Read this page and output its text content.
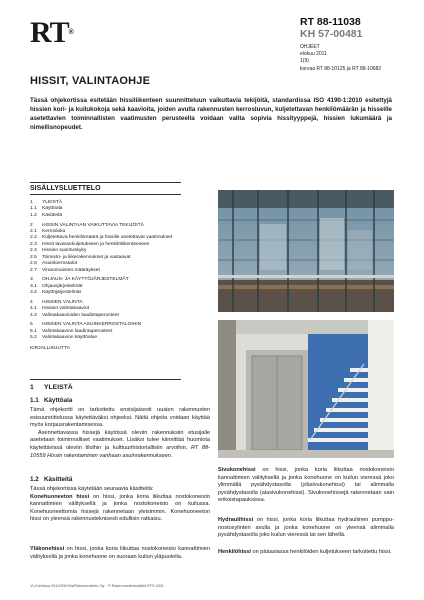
RT®
RT 88-11038
KH 57-00481
OHJEET
elokuu 2011
1(9)
korvaa RT 88-10125 ja RT 88-10682
HISSIT, VALINTAOHJE
Tässä ohjekortissa esitetään hissiliikenteen suunnitteluun vaikuttavia tekijöitä, standardissa ISO 4190-1:2010 esitettyjä hissien kori- ja kuilukokoja sekä kaavioita, joiden avulla rakennusten kerrosluvun, kuljetettavan henkilömäärän ja hisseille asetettavien toiminnallisten vaatimusten perusteella voidaan valita sopivia hissityyppejä, hissien lukumäärä ja nimellisnopeudet.
SISÄLLYSLUETTELO
1	YLEISTÄ
1.1	Käyttöala
1.2	Käsitteitä
2	HISSIN VALINTAAN VAIKUTTAVIA TEKIJÖITÄ
2.1	Kerrosluku
2.2	Kuljetettava henkilömäärä ja hissille asetettavat vaatimukset
2.3	Hissit tavarankuljetukseen ja henkilöliikenteeseen
2.4	Hissien suorituskyky
2.5	Toimisto- ja liikerakennukset ja vastaavat
2.6	Asuinkerrostalot
2.7	Viranomaisten määräykset
3	OHJAUS- JA KÄYTTÖJÄRJESTELMÄT
3.1	Ohjausjärjestelmät
3.2	Käyttöjärjestelmät
4	HISSIEN VALINTA
4.1	Hissien valintakaaviot
4.2	Valintakaavioiden laadintaperusteet
5	HISSIEN VALINTA ASUINKERROSTALOIHIN
5.1	Valintakaavion laadintaperusteet
5.2	Valintakaavion käyttöalue
KIRJALLISUUTTA
1 YLEISTÄ
1.1 Käyttöala
Tämä ohjekortti on tarkoitettu ensisijaisesti uusien rakennusten esisuunnittelussa käytettäväksi ohjeeksi. Näitä ohjeita voidaan käyttää myös korjausrakentamisessa.
Asennettavassa hissejä käytössä oleviin rakennuksiin etusijalle asetetaan toiminnalliset vaatimukset. Lisäksi tulee kiinnittää huomiota käytettävissä oleviin tiloihin ja kulttuurihistoriallisiin arvoihin, RT 88-10559 Hissin rakentaminen vanhaan asuinrakennukseen.
1.2 Käsitteitä
Tässä ohjekortissa käytetään seuraavia käsitteitä:
Konehuoneeton hissi on hissi, jonka koria liikuttaa nostokoneisto kannattimien välityksellä ja jonka nostokoneisto on kuilussa. Konehuoneettomia hissejä rakennetaan yleisimmin. Konehuoneeton hissi on yleensä rakennusteknisesti edullisin ratkaisu.
Yläkonehissi on hissi, jonka koria liikuttaa nostokoneisto kannattimien välityksellä ja jonka konehuone on suoraan kuilun yläpuolella.
Sivukonehissi on hissi, jonka koria liikuttaa nostokoneisto kannattimien välityksellä ja jonka konehuone on kuilun vieressä joko ylimmällä pysähdystasolla (yläsivukonehissi) tai alimmalla pysähdystasolla (alasivukonehissi). Sivukonehissejä rakennetaan vain erikoistapauksissa.
Hydraulihissi on hissi, jonka koria liikuttaa hydrauliinen pumppu-nostosylinteri avulla ja jonka konehuone on yleensä alimmalla pysähdystasolla joko kuilun vieressä tai sen lähellä.
Henkilöhissi on pääasiassa henkilöiden kuljetukseen tarkoitettu hissi.
VL/1/elokuu 2011/900/Vla/Rakennustieto Oy · © Rakennustietosäätiö RTS 2011
